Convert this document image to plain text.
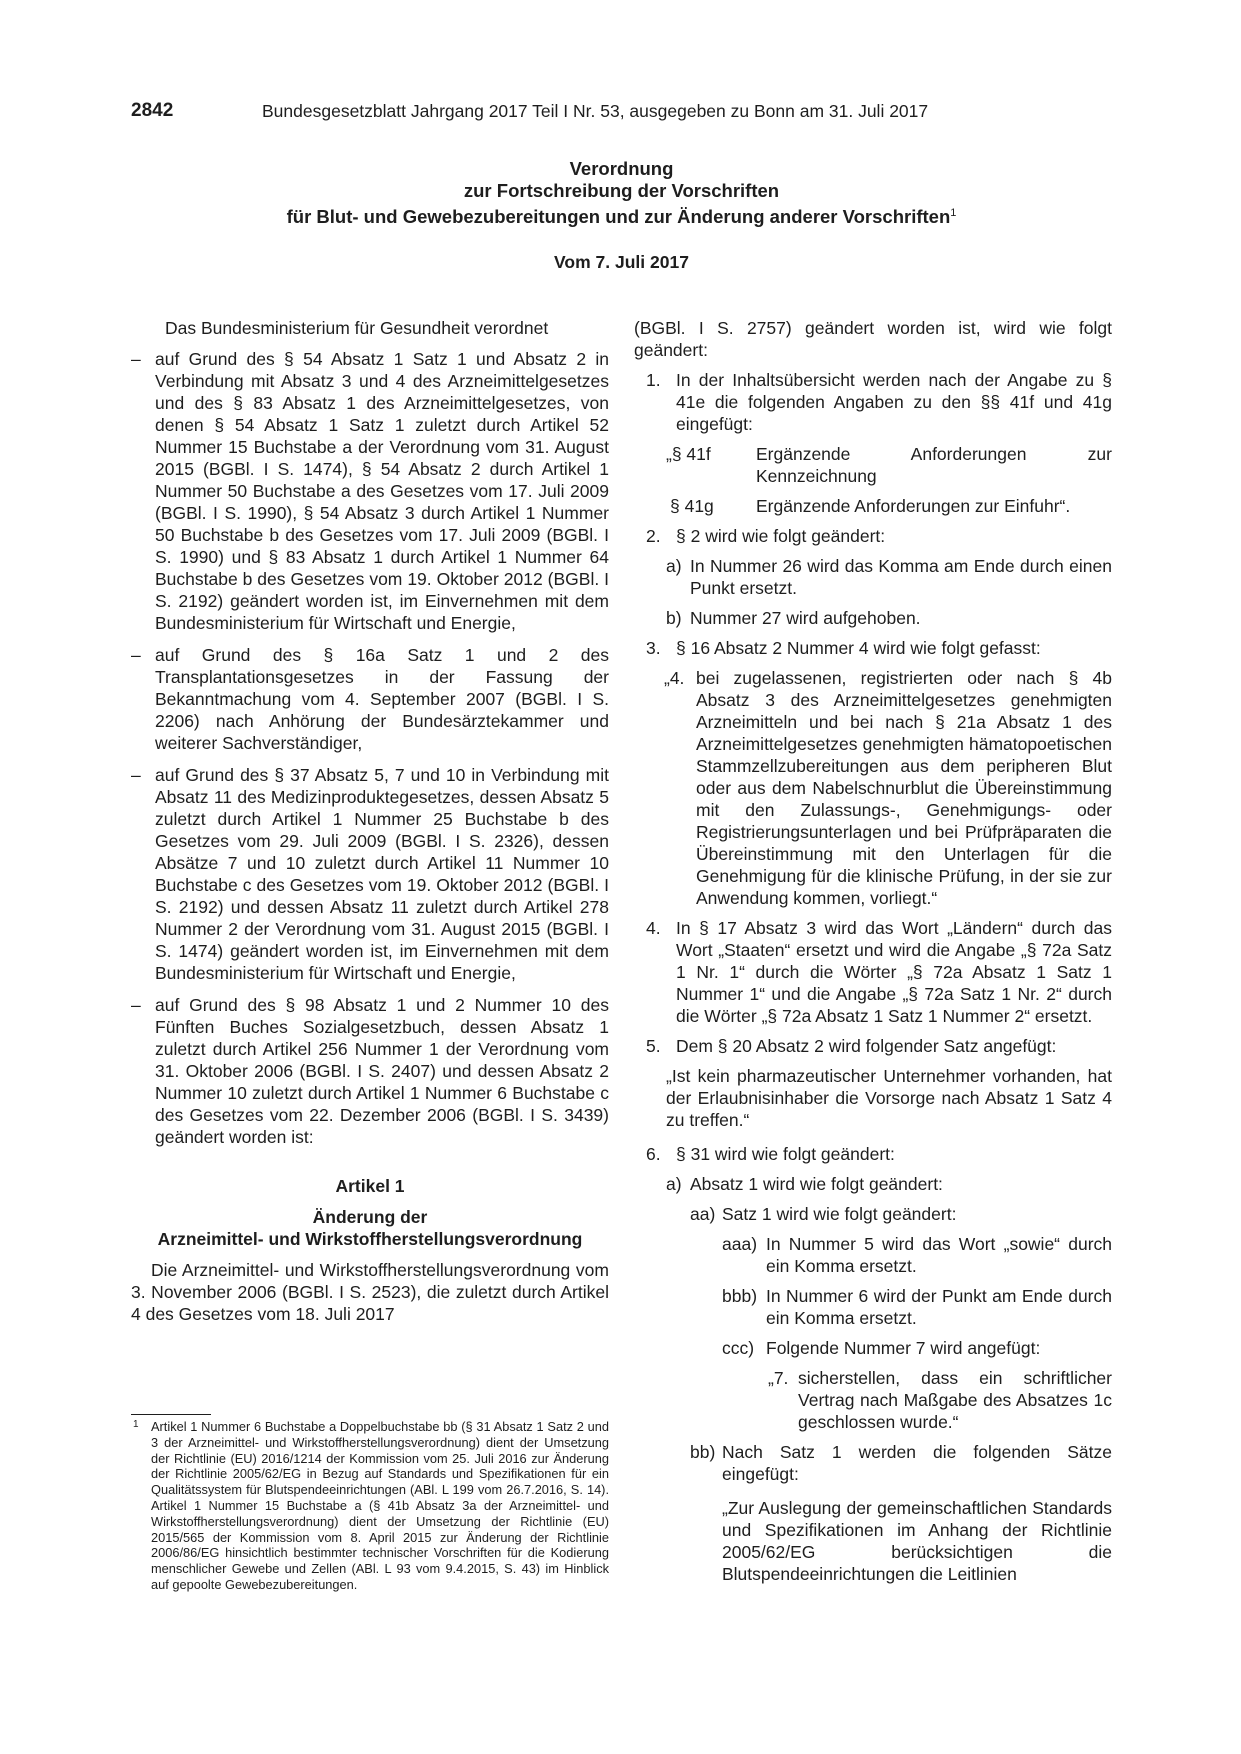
2842	Bundesgesetzblatt Jahrgang 2017 Teil I Nr. 53, ausgegeben zu Bonn am 31. Juli 2017
Verordnung
zur Fortschreibung der Vorschriften
für Blut- und Gewebezubereitungen und zur Änderung anderer Vorschriften$^1$
Vom 7. Juli 2017

Das Bundesministerium für Gesundheit verordnet

– auf Grund des § 54 Absatz 1 Satz 1 und Absatz 2 in Verbindung mit Absatz 3 und 4 des Arzneimittelgesetzes und des § 83 Absatz 1 des Arzneimittelgesetzes, von denen § 54 Absatz 1 Satz 1 zuletzt durch Artikel 52 Nummer 15 Buchstabe a der Verordnung vom 31. August 2015 (BGBl. I S. 1474), § 54 Absatz 2 durch Artikel 1 Nummer 50 Buchstabe a des Gesetzes vom 17. Juli 2009 (BGBl. I S. 1990), § 54 Absatz 3 durch Artikel 1 Nummer 50 Buchstabe b des Gesetzes vom 17. Juli 2009 (BGBl. I S. 1990) und § 83 Absatz 1 durch Artikel 1 Nummer 64 Buchstabe b des Gesetzes vom 19. Oktober 2012 (BGBl. I S. 2192) geändert worden ist, im Einvernehmen mit dem Bundesministerium für Wirtschaft und Energie,
– auf Grund des § 16a Satz 1 und 2 des Transplantationsgesetzes in der Fassung der Bekanntmachung vom 4. September 2007 (BGBl. I S. 2206) nach Anhörung der Bundesärztekammer und weiterer Sachverständiger,
– auf Grund des § 37 Absatz 5, 7 und 10 in Verbindung mit Absatz 11 des Medizinproduktegesetzes, dessen Absatz 5 zuletzt durch Artikel 1 Nummer 25 Buchstabe b des Gesetzes vom 29. Juli 2009 (BGBl. I S. 2326), dessen Absätze 7 und 10 zuletzt durch Artikel 11 Nummer 10 Buchstabe c des Gesetzes vom 19. Oktober 2012 (BGBl. I S. 2192) und dessen Absatz 11 zuletzt durch Artikel 278 Nummer 2 der Verordnung vom 31. August 2015 (BGBl. I S. 1474) geändert worden ist, im Einvernehmen mit dem Bundesministerium für Wirtschaft und Energie,
– auf Grund des § 98 Absatz 1 und 2 Nummer 10 des Fünften Buches Sozialgesetzbuch, dessen Absatz 1 zuletzt durch Artikel 256 Nummer 1 der Verordnung vom 31. Oktober 2006 (BGBl. I S. 2407) und dessen Absatz 2 Nummer 10 zuletzt durch Artikel 1 Nummer 6 Buchstabe c des Gesetzes vom 22. Dezember 2006 (BGBl. I S. 3439) geändert worden ist:

Artikel 1

Änderung der

Arzneimittel- und Wirkstoffherstellungsverordnung

Die Arzneimittel- und Wirkstoffherstellungsverordnung vom 3. November 2006 (BGBl. I S. 2523), die zuletzt durch Artikel 4 des Gesetzes vom 18. Juli 2017

1 Artikel 1 Nummer 6 Buchstabe a Doppelbuchstabe bb (§ 31 Absatz 1 Satz 2 und 3 der Arzneimittel- und Wirkstoffherstellungsverordnung) dient der Umsetzung der Richtlinie (EU) 2016/1214 der Kommission vom 25. Juli 2016 zur Änderung der Richtlinie 2005/62/EG in Bezug auf Standards und Spezifikationen für ein Qualitätssystem für Blutspendeeinrichtungen (ABl. L 199 vom 26.7.2016, S. 14). Artikel 1 Nummer 15 Buchstabe a (§ 41b Absatz 3a der Arzneimittel- und Wirkstoffherstellungsverordnung) dient der Umsetzung der Richtlinie (EU) 2015/565 der Kommission vom 8. April 2015 zur Änderung der Richtlinie 2006/86/EG hinsichtlich bestimmter technischer Vorschriften für die Kodierung menschlicher Gewebe und Zellen (ABl. L 93 vom 9.4.2015, S. 43) im Hinblick auf gepoolte Gewebezubereitungen.

(BGBl. I S. 2757) geändert worden ist, wird wie folgt geändert:

1. In der Inhaltsübersicht werden nach der Angabe zu § 41e die folgenden Angaben zu den §§ 41f und 41g eingefügt:
„§ 41f	Ergänzende Anforderungen zur Kennzeichnung
§ 41g Ergänzende Anforderungen zur Einfuhr“.
2. § 2 wird wie folgt geändert:
a) In Nummer 26 wird das Komma am Ende durch einen Punkt ersetzt.
b) Nummer 27 wird aufgehoben.
3. § 16 Absatz 2 Nummer 4 wird wie folgt gefasst:
„4. bei zugelassenen, registrierten oder nach § 4b Absatz 3 des Arzneimittelgesetzes genehmigten Arzneimitteln und bei nach § 21a Absatz 1 des Arzneimittelgesetzes genehmigten hämatopoetischen Stammzellzubereitungen aus dem peripheren Blut oder aus dem Nabelschnurblut die Übereinstimmung mit den Zulassungs-, Genehmigungs- oder Registrierungsunterlagen und bei Prüfpräparaten die Übereinstimmung mit den Unterlagen für die Genehmigung für die klinische Prüfung, in der sie zur Anwendung kommen, vorliegt.“
4. In § 17 Absatz 3 wird das Wort „Ländern“ durch das Wort „Staaten“ ersetzt und wird die Angabe „§ 72a Satz 1 Nr. 1“ durch die Wörter „§ 72a Absatz 1 Satz 1 Nummer 1“ und die Angabe „§ 72a Satz 1 Nr. 2“ durch die Wörter „§ 72a Absatz 1 Satz 1 Nummer 2“ ersetzt.
5. Dem § 20 Absatz 2 wird folgender Satz angefügt:

„Ist kein pharmazeutischer Unternehmer vorhanden, hat der Erlaubnisinhaber die Vorsorge nach Absatz 1 Satz 4 zu treffen.“

6. § 31 wird wie folgt geändert:
a) Absatz 1 wird wie folgt geändert:
aa) Satz 1 wird wie folgt geändert:
aaa) In Nummer 5 wird das Wort „sowie“ durch ein Komma ersetzt.
bbb) In Nummer 6 wird der Punkt am Ende durch ein Komma ersetzt.
ccc) Folgende Nummer 7 wird angefügt:
„7. sicherstellen, dass ein schriftlicher Vertrag nach Maßgabe des Absatzes 1c geschlossen wurde.“
bb) Nach Satz 1 werden die folgenden Sätze eingefügt:

„Zur Auslegung der gemeinschaftlichen Standards und Spezifikationen im Anhang der Richtlinie 2005/62/EG berücksichtigen die Blutspendeeinrichtungen die Leitlinien
